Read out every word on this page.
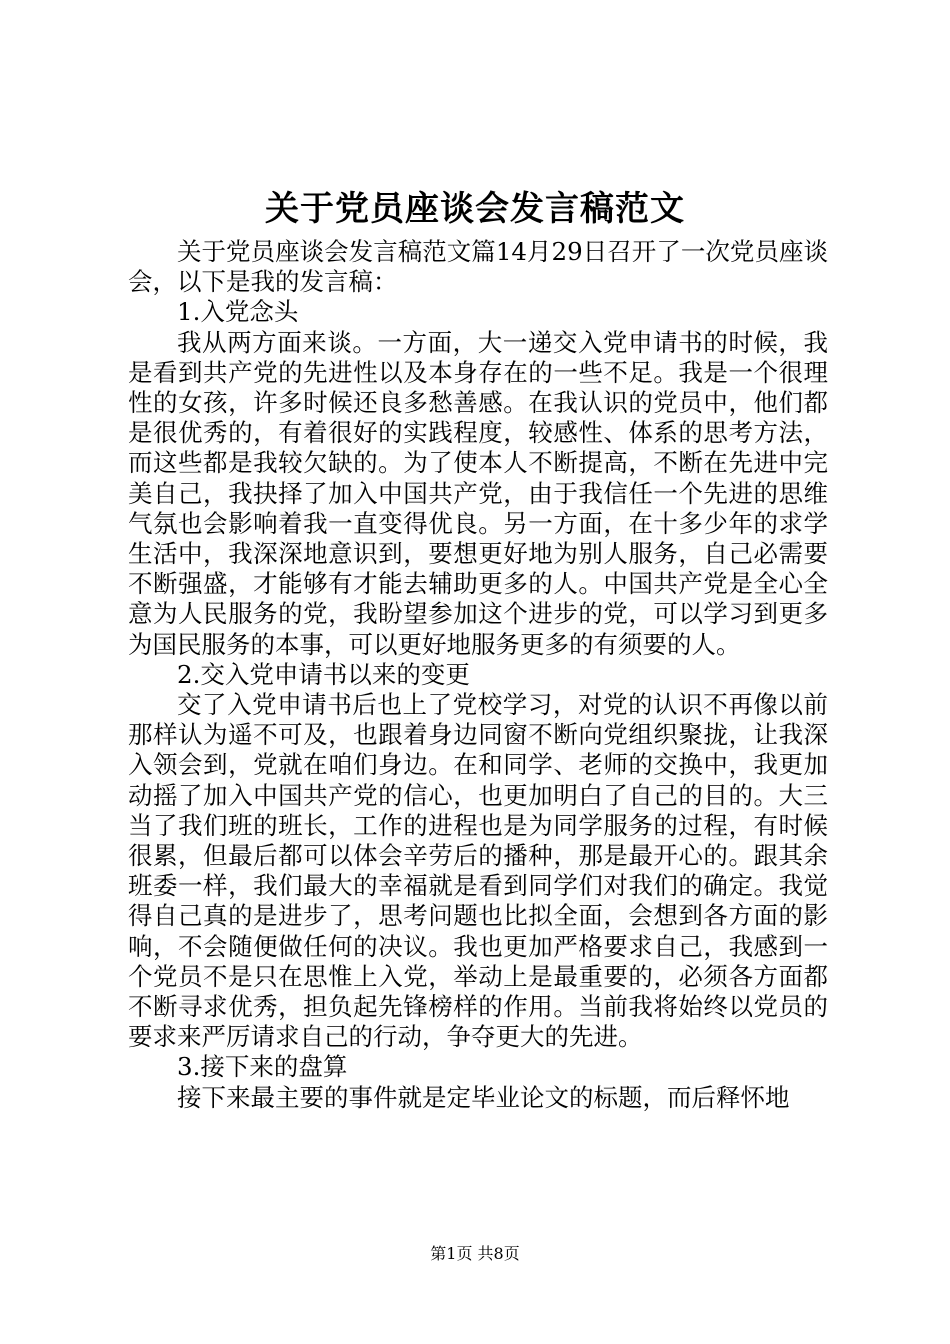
关于党员座谈会发言稿范文

关于党员座谈会发言稿范文篇14月29日召开了一次党员座谈会，以下是我的发言稿：

1.入党念头

我从两方面来谈。一方面，大一递交入党申请书的时候，我是看到共产党的先进性以及本身存在的一些不足。我是一个很理性的女孩，许多时候还良多愁善感。在我认识的党员中，他们都是很优秀的，有着很好的实践程度，较感性、体系的思考方法，而这些都是我较欠缺的。为了使本人不断提高，不断在先进中完美自己，我抉择了加入中国共产党，由于我信任一个先进的思维气氛也会影响着我一直变得优良。另一方面，在十多少年的求学生活中，我深深地意识到，要想更好地为别人服务，自己必需要不断强盛，才能够有才能去辅助更多的人。中国共产党是全心全意为人民服务的党，我盼望参加这个进步的党，可以学习到更多为国民服务的本事，可以更好地服务更多的有须要的人。

2.交入党申请书以来的变更

交了入党申请书后也上了党校学习，对党的认识不再像以前那样认为遥不可及，也跟着身边同窗不断向党组织聚拢，让我深入领会到，党就在咱们身边。在和同学、老师的交换中，我更加动摇了加入中国共产党的信心，也更加明白了自己的目的。大三当了我们班的班长，工作的进程也是为同学服务的过程，有时候很累，但最后都可以体会辛劳后的播种，那是最开心的。跟其余班委一样，我们最大的幸福就是看到同学们对我们的确定。我觉得自己真的是进步了，思考问题也比拟全面，会想到各方面的影响，不会随便做任何的决议。我也更加严格要求自己，我感到一个党员不是只在思惟上入党，举动上是最重要的，必须各方面都不断寻求优秀，担负起先锋榜样的作用。当前我将始终以党员的要求来严厉请求自己的行动，争夺更大的先进。

3.接下来的盘算

接下来最主要的事件就是定毕业论文的标题，而后释怀地

第1页 共8页
